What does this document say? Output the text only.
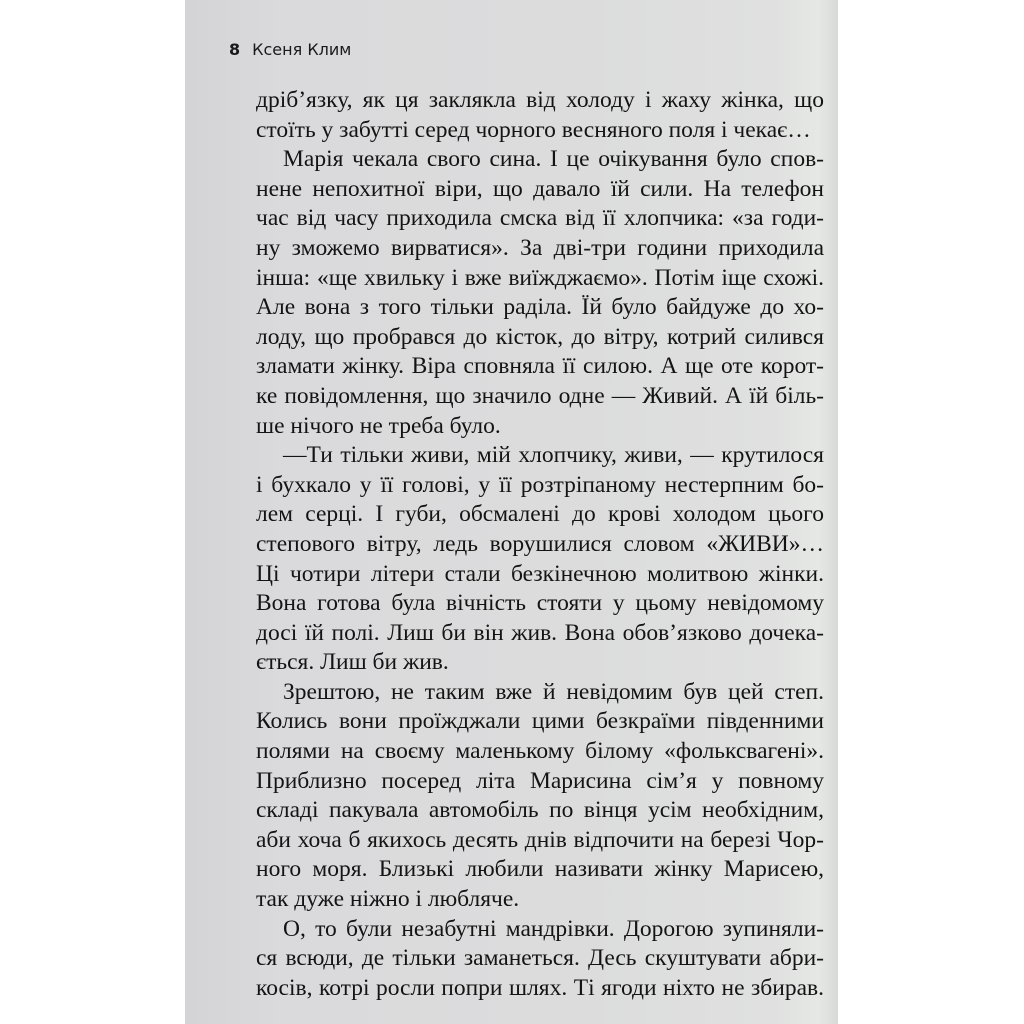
8 Ксеня Клим
дріб’язку, як ця заклякла від холоду і жаху жінка, що
стоїть у забутті серед чорного весняного поля і чекає…
Марія чекала свого сина. І це очікування було спов-
нене непохитної віри, що давало їй сили. На телефон
час від часу приходила смска від її хлопчика: «за годи-
ну зможемо вирватися». За дві-три години приходила
інша: «ще хвильку і вже виїжджаємо». Потім іще схожі.
Але вона з того тільки раділа. Їй було байдуже до хо-
лоду, що пробрався до кісток, до вітру, котрий силився
зламати жінку. Віра сповняла її силою. А ще оте корот-
ке повідомлення, що значило одне — Живий. А їй біль-
ше нічого не треба було.
—Ти тільки живи, мій хлопчику, живи, — крутилося
і бухкало у її голові, у її розтріпаному нестерпним бо-
лем серці. І губи, обсмалені до крові холодом цього
степового вітру, ледь ворушилися словом «ЖИВИ»…
Ці чотири літери стали безкінечною молитвою жінки.
Вона готова була вічність стояти у цьому невідомому
досі їй полі. Лиш би він жив. Вона обов’язково дочека-
ється. Лиш би жив.
Зрештою, не таким вже й невідомим був цей степ.
Колись вони проїжджали цими безкраїми південними
полями на своєму маленькому білому «фольксвагені».
Приблизно посеред літа Марисина сім’я у повному
складі пакувала автомобіль по вінця усім необхідним,
аби хоча б якихось десять днів відпочити на березі Чор-
ного моря. Близькі любили називати жінку Марисею,
так дуже ніжно і любляче.
О, то були незабутні мандрівки. Дорогою зупиняли-
ся всюди, де тільки заманеться. Десь скуштувати абри-
косів, котрі росли попри шлях. Ті ягоди ніхто не збирав.
